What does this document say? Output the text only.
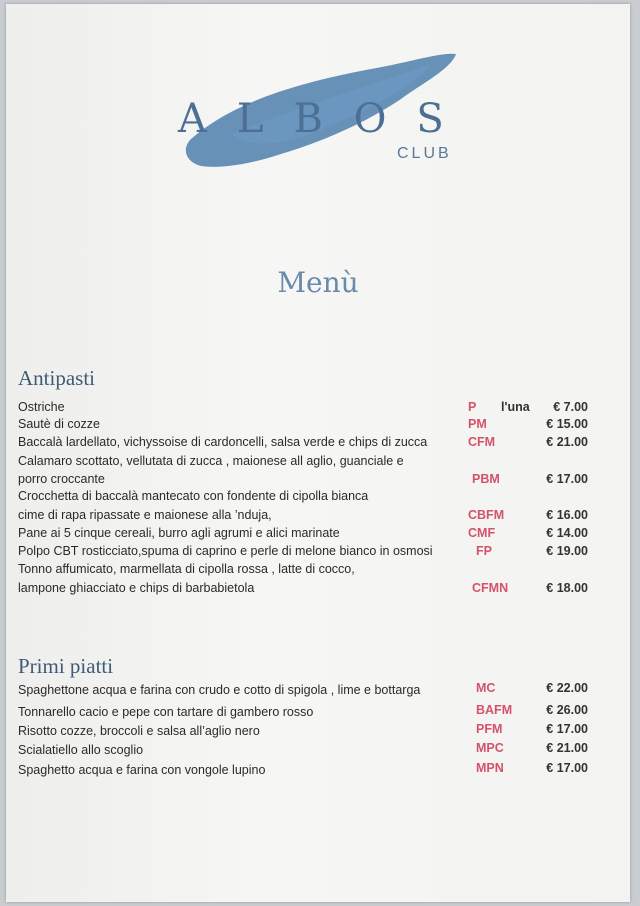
ALBOS
CLUB
Menù
Antipasti
Ostriche	P l'una € 7.00
Sautè di cozze	PM	€ 15.00
Baccalà lardellato, vichyssoise di cardoncelli, salsa verde e chips di zucca	CFM	€ 21.00
Calamaro scottato, vellutata di zucca , maionese all aglio, guanciale e
porro croccante	PBM	€ 17.00
Crocchetta di baccalà mantecato con fondente di cipolla bianca
cime di rapa ripassate e maionese alla ’nduja,	CBFM	€ 16.00
Pane ai 5 cinque cereali, burro agli agrumi e alici marinate	CMF	€ 14.00
Polpo CBT rosticciato,spuma di caprino e perle di melone bianco in osmosi	FP	€ 19.00
Tonno affumicato, marmellata di cipolla rossa , latte di cocco,
lampone ghiacciato e chips di barbabietola	CFMN	€ 18.00
Primi piatti
Spaghettone acqua e farina con crudo e cotto di spigola , lime e bottarga	MC	€ 22.00
Tonnarello cacio e pepe con tartare di gambero rosso	BAFM	€ 26.00
Risotto cozze, broccoli e salsa all’aglio nero	PFM	€ 17.00
Scialatiello allo scoglio	MPC	€ 21.00
Spaghetto acqua e farina con vongole lupino	MPN	€ 17.00
